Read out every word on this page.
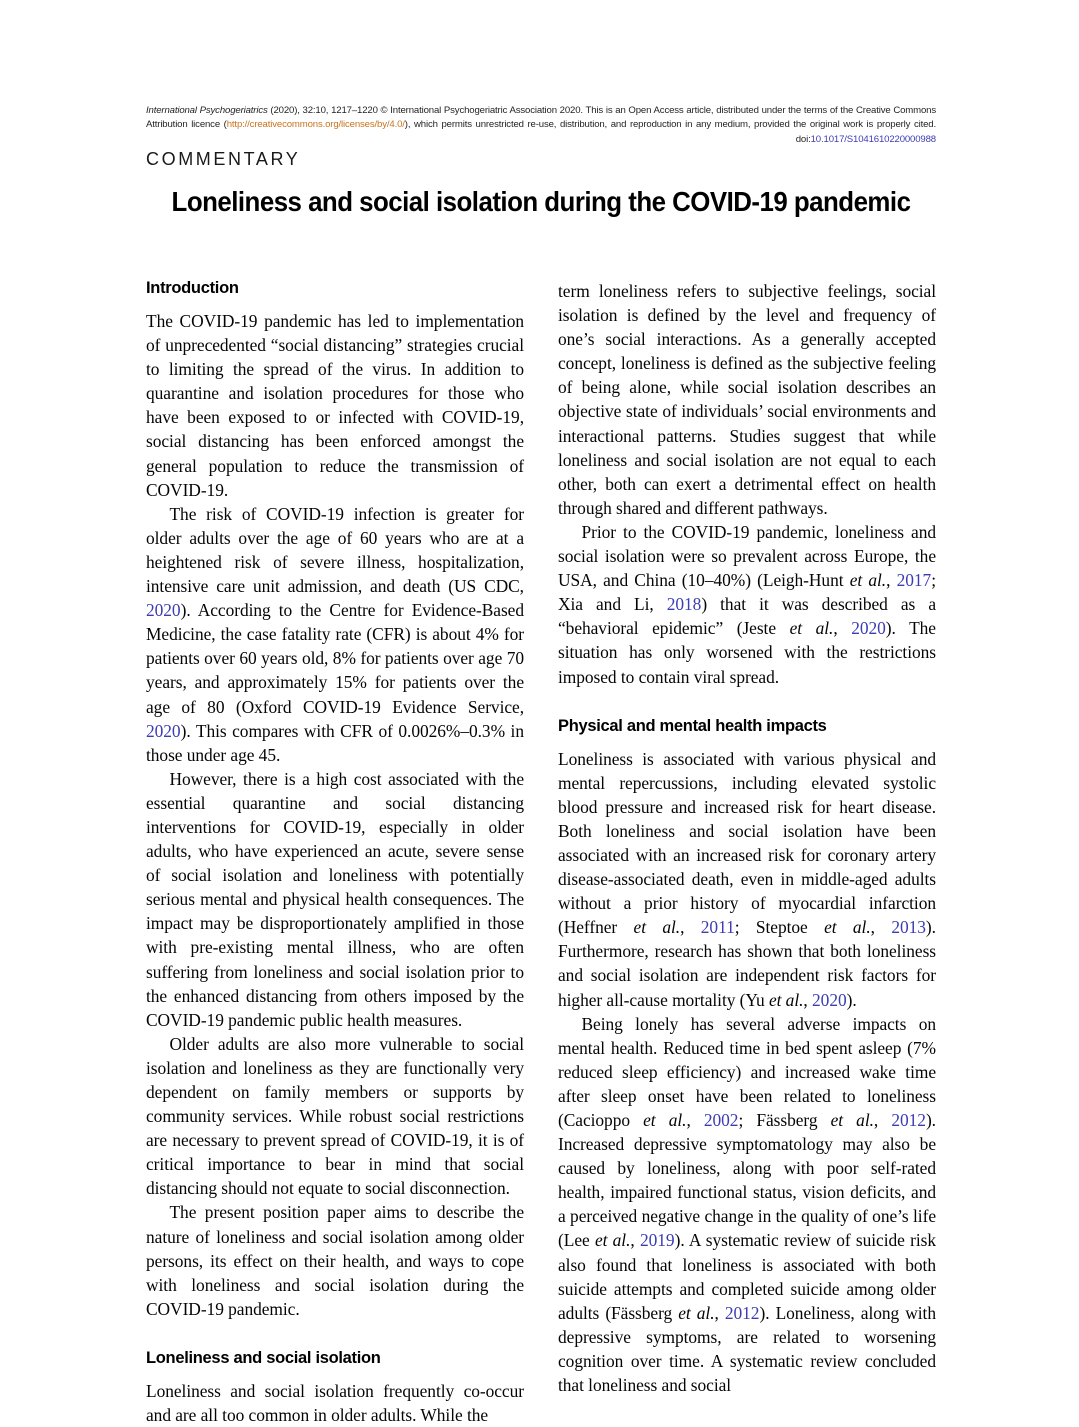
International Psychogeriatrics (2020), 32:10, 1217–1220 © International Psychogeriatric Association 2020. This is an Open Access article, distributed under the terms of the Creative Commons Attribution licence (http://creativecommons.org/licenses/by/4.0/), which permits unrestricted re-use, distribution, and reproduction in any medium, provided the original work is properly cited.
doi:10.1017/S1041610220000988
COMMENTARY
Loneliness and social isolation during the COVID-19 pandemic
Introduction

The COVID-19 pandemic has led to implementation of unprecedented “social distancing” strategies crucial to limiting the spread of the virus. In addition to quarantine and isolation procedures for those who have been exposed to or infected with COVID-19, social distancing has been enforced amongst the general population to reduce the transmission of COVID-19.

The risk of COVID-19 infection is greater for older adults over the age of 60 years who are at a heightened risk of severe illness, hospitalization, intensive care unit admission, and death (US CDC, 2020). According to the Centre for Evidence-Based Medicine, the case fatality rate (CFR) is about 4% for patients over 60 years old, 8% for patients over age 70 years, and approximately 15% for patients over the age of 80 (Oxford COVID-19 Evidence Service, 2020). This compares with CFR of 0.0026%–0.3% in those under age 45.

However, there is a high cost associated with the essential quarantine and social distancing interventions for COVID-19, especially in older adults, who have experienced an acute, severe sense of social isolation and loneliness with potentially serious mental and physical health consequences. The impact may be disproportionately amplified in those with pre-existing mental illness, who are often suffering from loneliness and social isolation prior to the enhanced distancing from others imposed by the COVID-19 pandemic public health measures.

Older adults are also more vulnerable to social isolation and loneliness as they are functionally very dependent on family members or supports by community services. While robust social restrictions are necessary to prevent spread of COVID-19, it is of critical importance to bear in mind that social distancing should not equate to social disconnection.

The present position paper aims to describe the nature of loneliness and social isolation among older persons, its effect on their health, and ways to cope with loneliness and social isolation during the COVID-19 pandemic.

Loneliness and social isolation

Loneliness and social isolation frequently co-occur and are all too common in older adults. While the

term loneliness refers to subjective feelings, social isolation is defined by the level and frequency of one’s social interactions. As a generally accepted concept, loneliness is defined as the subjective feeling of being alone, while social isolation describes an objective state of individuals’ social environments and interactional patterns. Studies suggest that while loneliness and social isolation are not equal to each other, both can exert a detrimental effect on health through shared and different pathways.

Prior to the COVID-19 pandemic, loneliness and social isolation were so prevalent across Europe, the USA, and China (10–40%) (Leigh-Hunt et al., 2017; Xia and Li, 2018) that it was described as a “behavioral epidemic” (Jeste et al., 2020). The situation has only worsened with the restrictions imposed to contain viral spread.

Physical and mental health impacts

Loneliness is associated with various physical and mental repercussions, including elevated systolic blood pressure and increased risk for heart disease. Both loneliness and social isolation have been associated with an increased risk for coronary artery disease-associated death, even in middle-aged adults without a prior history of myocardial infarction (Heffner et al., 2011; Steptoe et al., 2013). Furthermore, research has shown that both loneliness and social isolation are independent risk factors for higher all-cause mortality (Yu et al., 2020).

Being lonely has several adverse impacts on mental health. Reduced time in bed spent asleep (7% reduced sleep efficiency) and increased wake time after sleep onset have been related to loneliness (Cacioppo et al., 2002; Fässberg et al., 2012). Increased depressive symptomatology may also be caused by loneliness, along with poor self-rated health, impaired functional status, vision deficits, and a perceived negative change in the quality of one’s life (Lee et al., 2019). A systematic review of suicide risk also found that loneliness is associated with both suicide attempts and completed suicide among older adults (Fässberg et al., 2012). Loneliness, along with depressive symptoms, are related to worsening cognition over time. A systematic review concluded that loneliness and social
